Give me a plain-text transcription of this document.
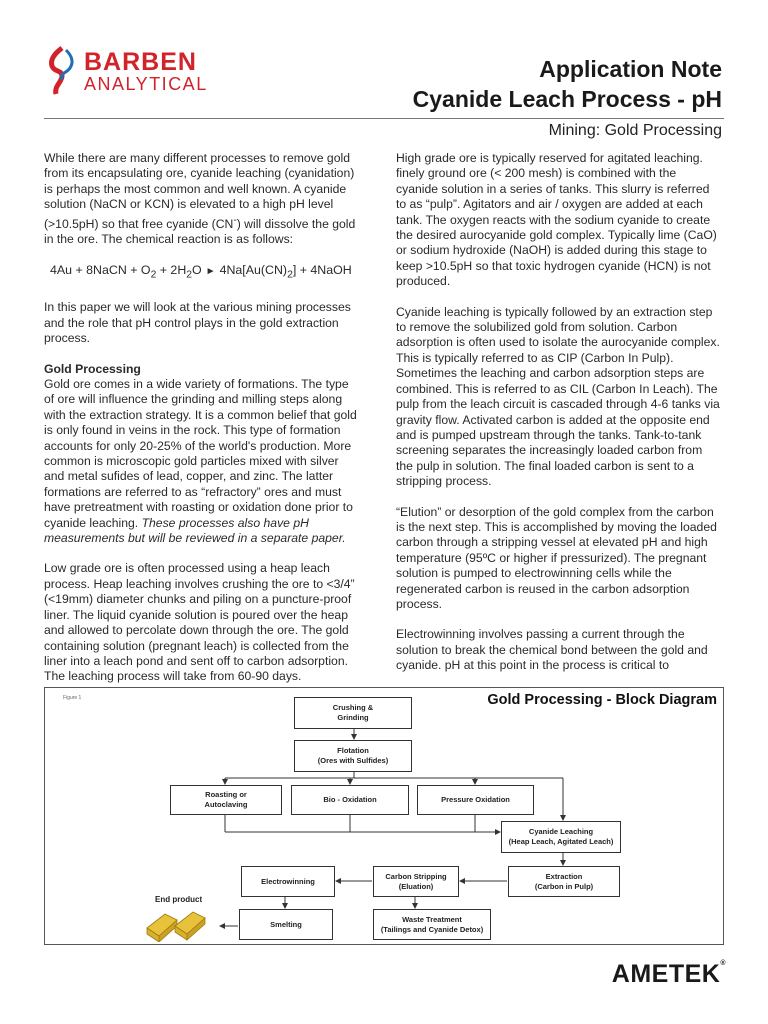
BARBEN
ANALYTICAL
Application Note
Cyanide Leach Process - pH
Mining: Gold Processing

While there are many different processes to remove gold from its encapsulating ore, cyanide leaching (cyanidation) is perhaps the most common and well known. A cyanide solution (NaCN or KCN) is elevated to a high pH level (>10.5pH) so that free cyanide (CN-) will dissolve the gold in the ore. The chemical reaction is as follows:

4Au + 8NaCN + $O_2 + 2H_2O$ ► $4Na[Au(CN)_2]$ + 4NaOH

In this paper we will look at the various mining processes and the role that pH control plays in the gold extraction process.

Gold Processing

Gold ore comes in a wide variety of formations. The type of ore will influence the grinding and milling steps along with the extraction strategy. It is a common belief that gold is only found in veins in the rock. This type of formation accounts for only 20-25% of the world's production. More common is microscopic gold particles mixed with silver and metal sufides of lead, copper, and zinc. The latter formations are referred to as “refractory” ores and must have pretreatment with roasting or oxidation done prior to cyanide leaching. These processes also have pH measurements but will be reviewed in a separate paper.

Low grade ore is often processed using a heap leach process. Heap leaching involves crushing the ore to <3/4” (<19mm) diameter chunks and piling on a puncture-proof liner. The liquid cyanide solution is poured over the heap and allowed to percolate down through the ore. The gold containing solution (pregnant leach) is collected from the liner into a leach pond and sent off to carbon adsorption. The leaching process will take from 60-90 days.

High grade ore is typically reserved for agitated leaching. finely ground ore (< 200 mesh) is combined with the cyanide solution in a series of tanks. This slurry is referred to as “pulp”. Agitators and air / oxygen are added at each tank. The oxygen reacts with the sodium cyanide to create the desired aurocyanide gold complex. Typically lime (CaO) or sodium hydroxide (NaOH) is added during this stage to keep >10.5pH so that toxic hydrogen cyanide (HCN) is not produced.

Cyanide leaching is typically followed by an extraction step to remove the solubilized gold from solution. Carbon adsorption is often used to isolate the aurocyanide complex. This is typically referred to as CIP (Carbon In Pulp). Sometimes the leaching and carbon adsorption steps are combined. This is referred to as CIL (Carbon In Leach). The pulp from the leach circuit is cascaded through 4-6 tanks via gravity flow. Activated carbon is added at the opposite end and is pumped upstream through the tanks. Tank-to-tank screening separates the increasingly loaded carbon from the pulp in solution. The final loaded carbon is sent to a stripping process.

“Elution” or desorption of the gold complex from the carbon is the next step. This is accomplished by moving the loaded carbon through a stripping vessel at elevated pH and high temperature (95ºC or higher if pressurized). The pregnant solution is pumped to electrowinning cells while the regenerated carbon is reused in the carbon adsorption process.

Electrowinning involves passing a current through the solution to break the chemical bond between the gold and cyanide. pH at this point in the process is critical to

Figure 1	Gold Processing - Block Diagram
Crushing &
Grinding
Flotation
(Ores with Sulfides)
Roasting or
Autoclaving
Bio - Oxidation	Pressure Oxidation
Cyanide Leaching
(Heap Leach, Agitated Leach)
Extraction
(Carbon in Pulp)
Carbon Stripping
(Eluation)
Electrowinning
Waste Treatment
(Tailings and Cyanide Detox)
Smelting
End product
AMETEK®
